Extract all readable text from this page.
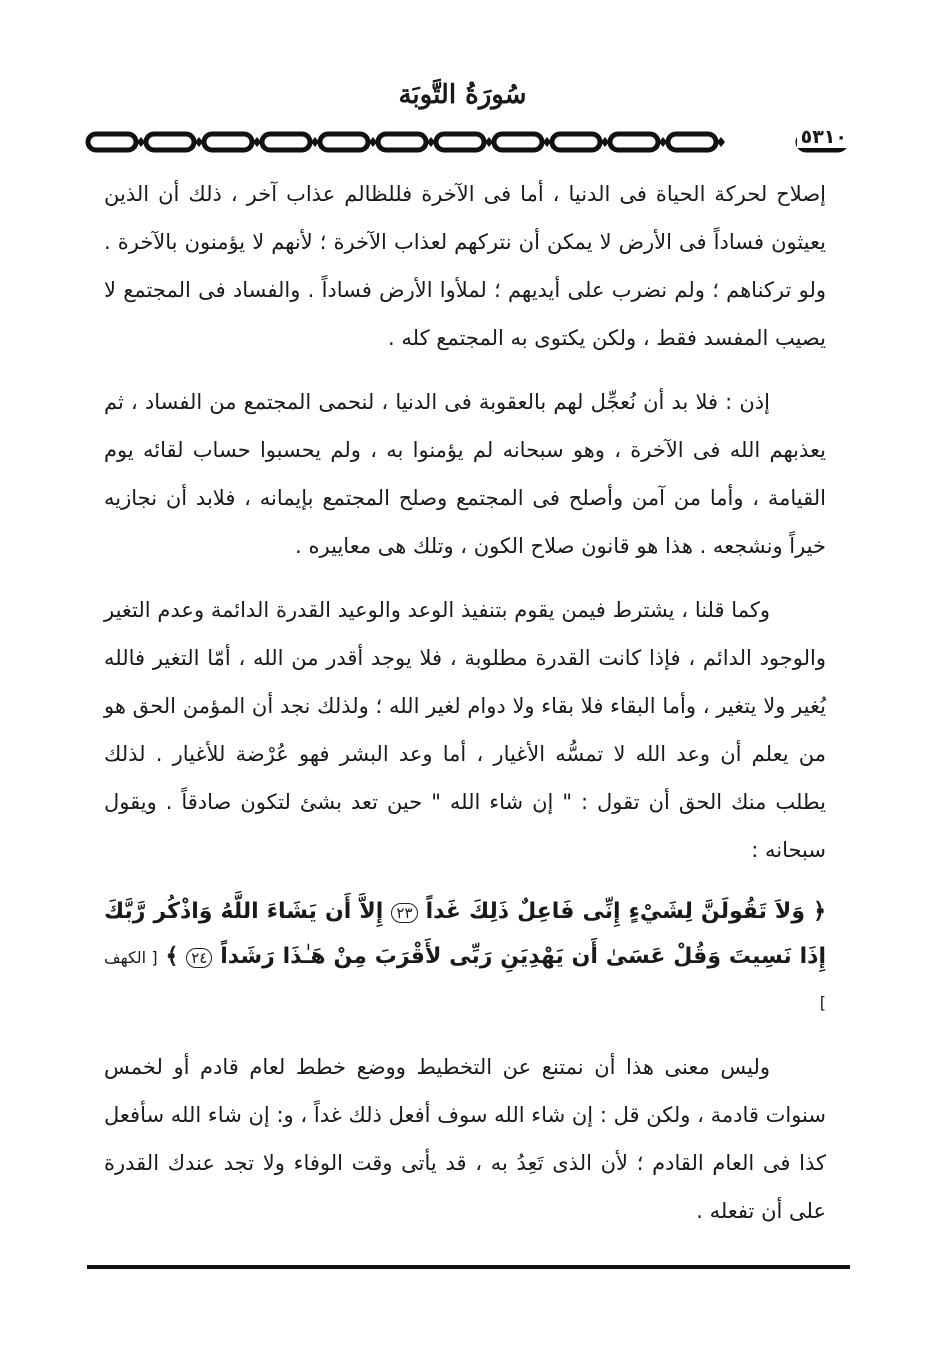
سُورَةُ التَّوبَة
٥٣١٠

إصلاح لحركة الحياة فى الدنيا ، أما فى الآخرة فللظالم عذاب آخر ، ذلك أن الذين يعيثون فساداً فى الأرض لا يمكن أن نتركهم لعذاب الآخرة ؛ لأنهم لا يؤمنون بالآخرة . ولو تركناهم ؛ ولم نضرب على أيديهم ؛ لملأوا الأرض فساداً . والفساد فى المجتمع لا يصيب المفسد فقط ، ولكن يكتوى به المجتمع كله .

إذن : فلا بد أن نُعجِّل لهم بالعقوبة فى الدنيا ، لنحمى المجتمع من الفساد ، ثم يعذبهم الله فى الآخرة ، وهو سبحانه لم يؤمنوا به ، ولم يحسبوا حساب لقائه يوم القيامة ، وأما من آمن وأصلح فى المجتمع وصلح المجتمع بإيمانه ، فلابد أن نجازيه خيراً ونشجعه . هذا هو قانون صلاح الكون ، وتلك هى معاييره .

وكما قلنا ، يشترط فيمن يقوم بتنفيذ الوعد والوعيد القدرة الدائمة وعدم التغير والوجود الدائم ، فإذا كانت القدرة مطلوبة ، فلا يوجد أقدر من الله ، أمّا التغير فالله يُغير ولا يتغير ، وأما البقاء فلا بقاء ولا دوام لغير الله ؛ ولذلك نجد أن المؤمن الحق هو من يعلم أن وعد الله لا تمسُّه الأغيار ، أما وعد البشر فهو عُرْضة للأغيار . لذلك يطلب منك الحق أن تقول : " إن شاء الله " حين تعد بشئ لتكون صادقاً . ويقول سبحانه :

﴿ وَلاَ تَقُولَنَّ لِشَيْءٍ إِنِّى فَاعِلٌ ذَلِكَ غَداً ٢٣ إِلاَّ أَن يَشَاءَ اللَّهُ وَاذْكُر رَّبَّكَ إِذَا نَسِيتَ وَقُلْ عَسَىٰ أَن يَهْدِيَنِ رَبِّى لأَقْرَبَ مِنْ هَـٰذَا رَشَداً ٢٤ ﴾ [ الكهف ]

وليس معنى هذا أن نمتنع عن التخطيط ووضع خطط لعام قادم أو لخمس سنوات قادمة ، ولكن قل : إن شاء الله سوف أفعل ذلك غداً ، و: إن شاء الله سأفعل كذا فى العام القادم ؛ لأن الذى تَعِدُ به ، قد يأتى وقت الوفاء ولا تجد عندك القدرة على أن تفعله .
